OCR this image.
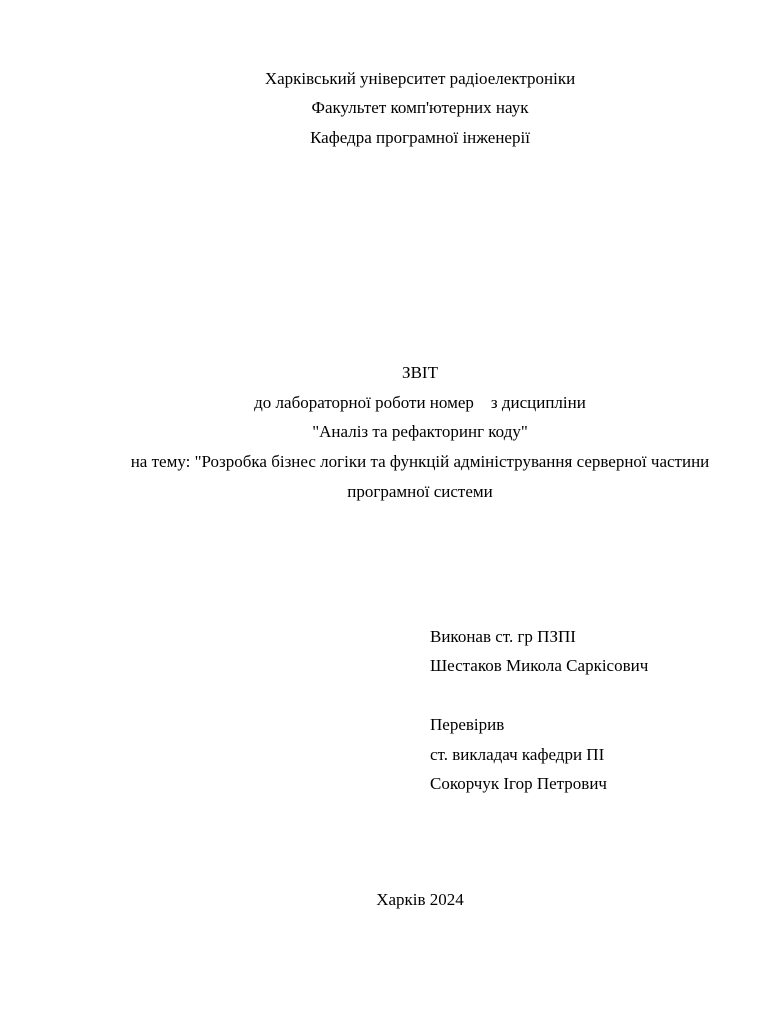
Харківський університет радіоелектроніки
Факультет комп'ютерних наук
Кафедра програмної інженерії
ЗВІТ
до лабораторної роботи номер    з дисципліни
"Аналіз та рефакторинг коду"
на тему: "Розробка бізнес логіки та функцій адміністрування серверної частини
програмної системи
Виконав ст. гр ПЗПІ
Шестаков Микола Саркісович
Перевірив
ст. викладач кафедри ПІ
Сокорчук Ігор Петрович
Харків 2024
